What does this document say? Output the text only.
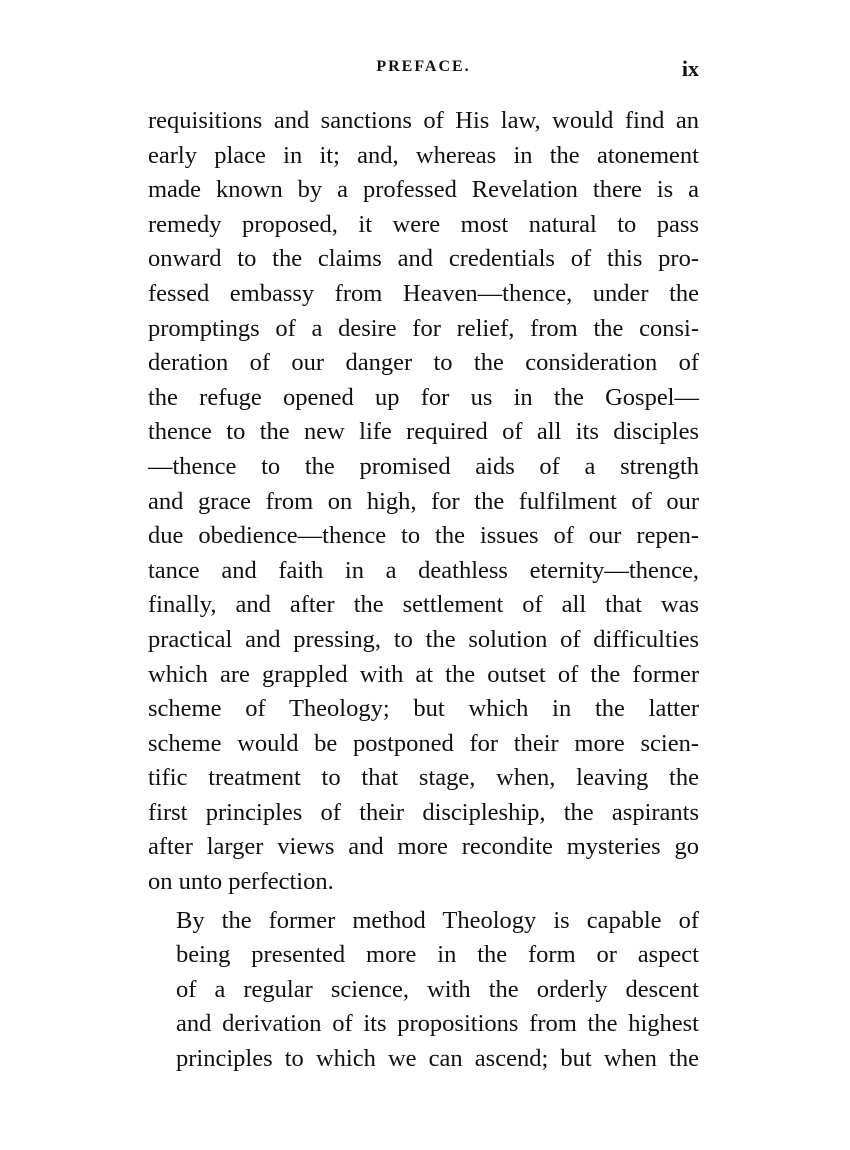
PREFACE.	ix

requisitions and sanctions of His law, would find an
early place in it; and, whereas in the atonement
made known by a professed Revelation there is a
remedy proposed, it were most natural to pass
onward to the claims and credentials of this pro-
fessed embassy from Heaven—thence, under the
promptings of a desire for relief, from the consi-
deration of our danger to the consideration of
the refuge opened up for us in the Gospel—
thence to the new life required of all its disciples
—thence to the promised aids of a strength
and grace from on high, for the fulfilment of our
due obedience—thence to the issues of our repen-
tance and faith in a deathless eternity—thence,
finally, and after the settlement of all that was
practical and pressing, to the solution of difficulties
which are grappled with at the outset of the former
scheme of Theology; but which in the latter
scheme would be postponed for their more scien-
tific treatment to that stage, when, leaving the
first principles of their discipleship, the aspirants
after larger views and more recondite mysteries go
on unto perfection.

By the former method Theology is capable of
being presented more in the form or aspect
of a regular science, with the orderly descent
and derivation of its propositions from the highest
principles to which we can ascend; but when the
